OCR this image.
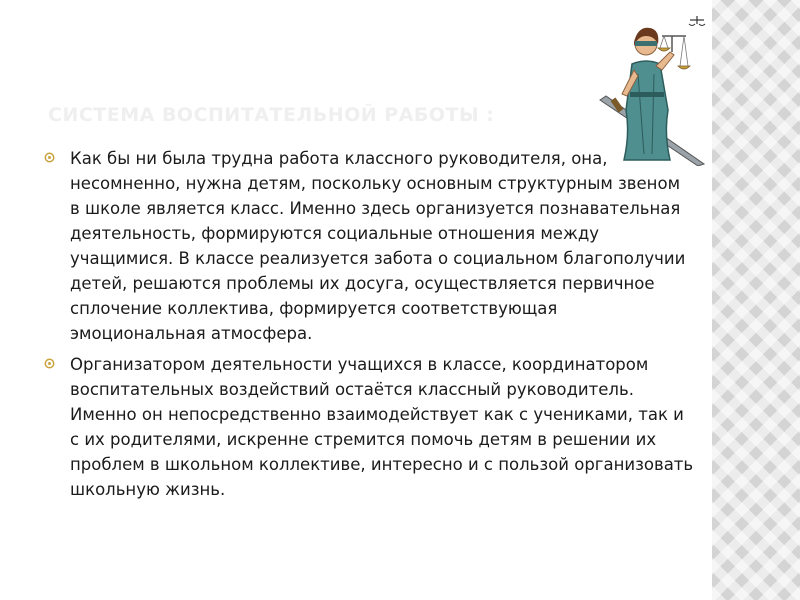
СИСТЕМА ВОСПИТАТЕЛЬНОЙ РАБОТЫ :

Как бы ни была трудна работа классного руководителя, она, несомненно, нужна детям, поскольку основным структурным звеном в школе является класс. Именно здесь организуется познавательная деятельность, формируются социальные отношения между учащимися. В классе реализуется забота о социальном благополучии детей, решаются проблемы их досуга, осуществляется первичное сплочение коллектива, формируется соответствующая эмоциональная атмосфера.

Организатором деятельности учащихся в классе, координатором воспитательных воздействий остаётся классный руководитель. Именно он непосредственно взаимодействует как с учениками, так и с их родителями, искренне стремится помочь детям в решении их проблем в школьном коллективе, интересно и с пользой организовать школьную жизнь.
